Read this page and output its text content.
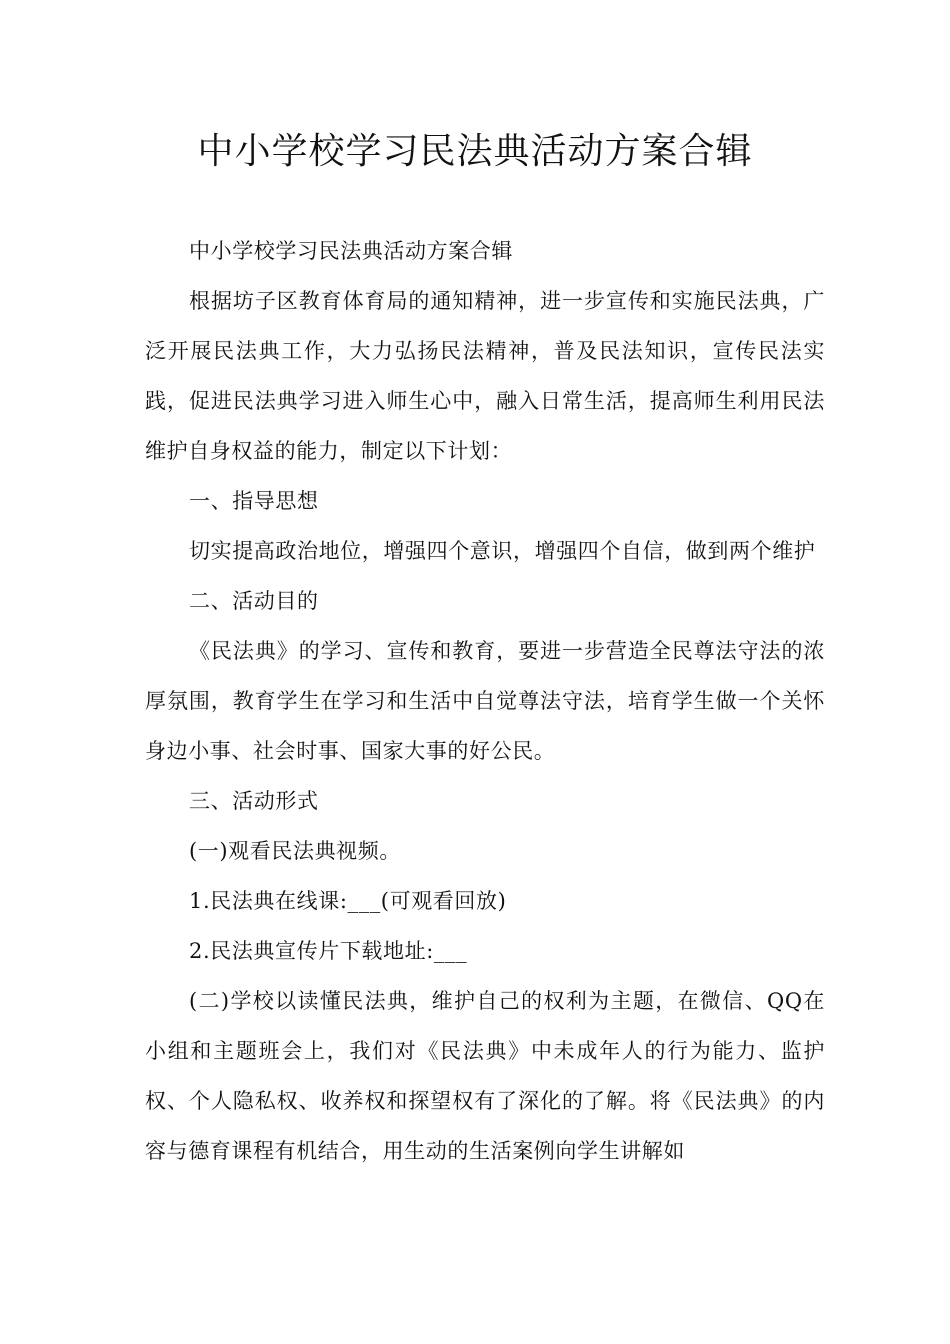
中小学校学习民法典活动方案合辑

中小学校学习民法典活动方案合辑

根据坊子区教育体育局的通知精神，进一步宣传和实施民法典，广泛开展民法典工作，大力弘扬民法精神，普及民法知识，宣传民法实践，促进民法典学习进入师生心中，融入日常生活，提高师生利用民法维护自身权益的能力，制定以下计划：

一、指导思想

切实提高政治地位，增强四个意识，增强四个自信，做到两个维护

二、活动目的

《民法典》的学习、宣传和教育，要进一步营造全民尊法守法的浓厚氛围，教育学生在学习和生活中自觉尊法守法，培育学生做一个关怀身边小事、社会时事、国家大事的好公民。

三、活动形式

(一)观看民法典视频。

1.民法典在线课:___(可观看回放)

2.民法典宣传片下载地址:___

(二)学校以读懂民法典，维护自己的权利为主题，在微信、QQ在小组和主题班会上，我们对《民法典》中未成年人的行为能力、监护权、个人隐私权、收养权和探望权有了深化的了解。将《民法典》的内容与德育课程有机结合，用生动的生活案例向学生讲解如
